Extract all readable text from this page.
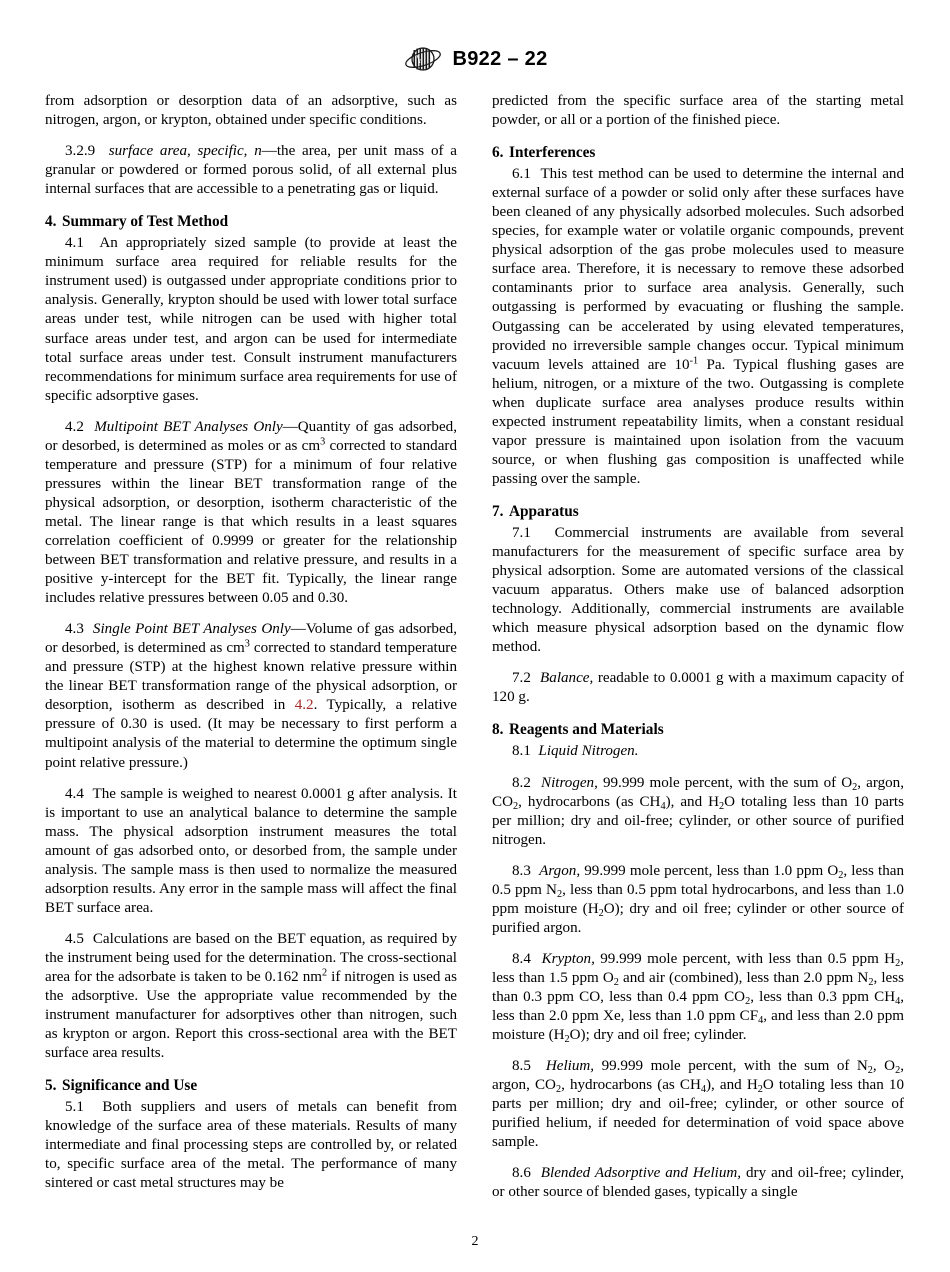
B922 – 22

from adsorption or desorption data of an adsorptive, such as nitrogen, argon, or krypton, obtained under specific conditions.

3.2.9 surface area, specific, n—the area, per unit mass of a granular or powdered or formed porous solid, of all external plus internal surfaces that are accessible to a penetrating gas or liquid.

4. Summary of Test Method

4.1 An appropriately sized sample (to provide at least the minimum surface area required for reliable results for the instrument used) is outgassed under appropriate conditions prior to analysis. Generally, krypton should be used with lower total surface areas under test, while nitrogen can be used with higher total surface areas under test, and argon can be used for intermediate total surface areas under test. Consult instrument manufacturers recommendations for minimum surface area requirements for use of specific adsorptive gases.

4.2 Multipoint BET Analyses Only—Quantity of gas adsorbed, or desorbed, is determined as moles or as $cm^3$ corrected to standard temperature and pressure (STP) for a minimum of four relative pressures within the linear BET transformation range of the physical adsorption, or desorption, isotherm characteristic of the metal. The linear range is that which results in a least squares correlation coefficient of 0.9999 or greater for the relationship between BET transformation and relative pressure, and results in a positive y-intercept for the BET fit. Typically, the linear range includes relative pressures between 0.05 and 0.30.

4.3 Single Point BET Analyses Only—Volume of gas adsorbed, or desorbed, is determined as $cm^3$ corrected to standard temperature and pressure (STP) at the highest known relative pressure within the linear BET transformation range of the physical adsorption, or desorption, isotherm as described in 4.2. Typically, a relative pressure of 0.30 is used. (It may be necessary to first perform a multipoint analysis of the material to determine the optimum single point relative pressure.)

4.4 The sample is weighed to nearest 0.0001 g after analysis. It is important to use an analytical balance to determine the sample mass. The physical adsorption instrument measures the total amount of gas adsorbed onto, or desorbed from, the sample under analysis. The sample mass is then used to normalize the measured adsorption results. Any error in the sample mass will affect the final BET surface area.

4.5 Calculations are based on the BET equation, as required by the instrument being used for the determination. The cross-sectional area for the adsorbate is taken to be 0.162 $nm^2$ if nitrogen is used as the adsorptive. Use the appropriate value recommended by the instrument manufacturer for adsorptives other than nitrogen, such as krypton or argon. Report this cross-sectional area with the BET surface area results.

5. Significance and Use

5.1 Both suppliers and users of metals can benefit from knowledge of the surface area of these materials. Results of many intermediate and final processing steps are controlled by, or related to, specific surface area of the metal. The performance of many sintered or cast metal structures may be

predicted from the specific surface area of the starting metal powder, or all or a portion of the finished piece.

6. Interferences

6.1 This test method can be used to determine the internal and external surface of a powder or solid only after these surfaces have been cleaned of any physically adsorbed molecules. Such adsorbed species, for example water or volatile organic compounds, prevent physical adsorption of the gas probe molecules used to measure surface area. Therefore, it is necessary to remove these adsorbed contaminants prior to surface area analysis. Generally, such outgassing is performed by evacuating or flushing the sample. Outgassing can be accelerated by using elevated temperatures, provided no irreversible sample changes occur. Typical minimum vacuum levels attained are $10^{-1}$ Pa. Typical flushing gases are helium, nitrogen, or a mixture of the two. Outgassing is complete when duplicate surface area analyses produce results within expected instrument repeatability limits, when a constant residual vapor pressure is maintained upon isolation from the vacuum source, or when flushing gas composition is unaffected while passing over the sample.

7. Apparatus

7.1 Commercial instruments are available from several manufacturers for the measurement of specific surface area by physical adsorption. Some are automated versions of the classical vacuum apparatus. Others make use of balanced adsorption technology. Additionally, commercial instruments are available which measure physical adsorption based on the dynamic flow method.

7.2 Balance, readable to 0.0001 g with a maximum capacity of 120 g.

8. Reagents and Materials

8.1 Liquid Nitrogen.

8.2 Nitrogen, 99.999 mole percent, with the sum of $O_2$, argon, $CO_2$, hydrocarbons (as $CH_4$), and $H_2O$ totaling less than 10 parts per million; dry and oil-free; cylinder, or other source of purified nitrogen.

8.3 Argon, 99.999 mole percent, less than 1.0 ppm $O_2$, less than 0.5 ppm $N_2$, less than 0.5 ppm total hydrocarbons, and less than 1.0 ppm moisture $(H_2O)$; dry and oil free; cylinder or other source of purified argon.

8.4 Krypton, 99.999 mole percent, with less than 0.5 ppm $H_2$, less than 1.5 ppm $O_2$ and air (combined), less than 2.0 ppm $N_2$, less than 0.3 ppm CO, less than 0.4 ppm $CO_2$, less than 0.3 ppm $CH_4$, less than 2.0 ppm Xe, less than 1.0 ppm $CF_4$, and less than 2.0 ppm moisture $(H_2O)$; dry and oil free; cylinder.

8.5 Helium, 99.999 mole percent, with the sum of $N_2$, $O_2$, argon, $CO_2$, hydrocarbons (as $CH_4$), and $H_2O$ totaling less than 10 parts per million; dry and oil-free; cylinder, or other source of purified helium, if needed for determination of void space above sample.

8.6 Blended Adsorptive and Helium, dry and oil-free; cylinder, or other source of blended gases, typically a single

2
